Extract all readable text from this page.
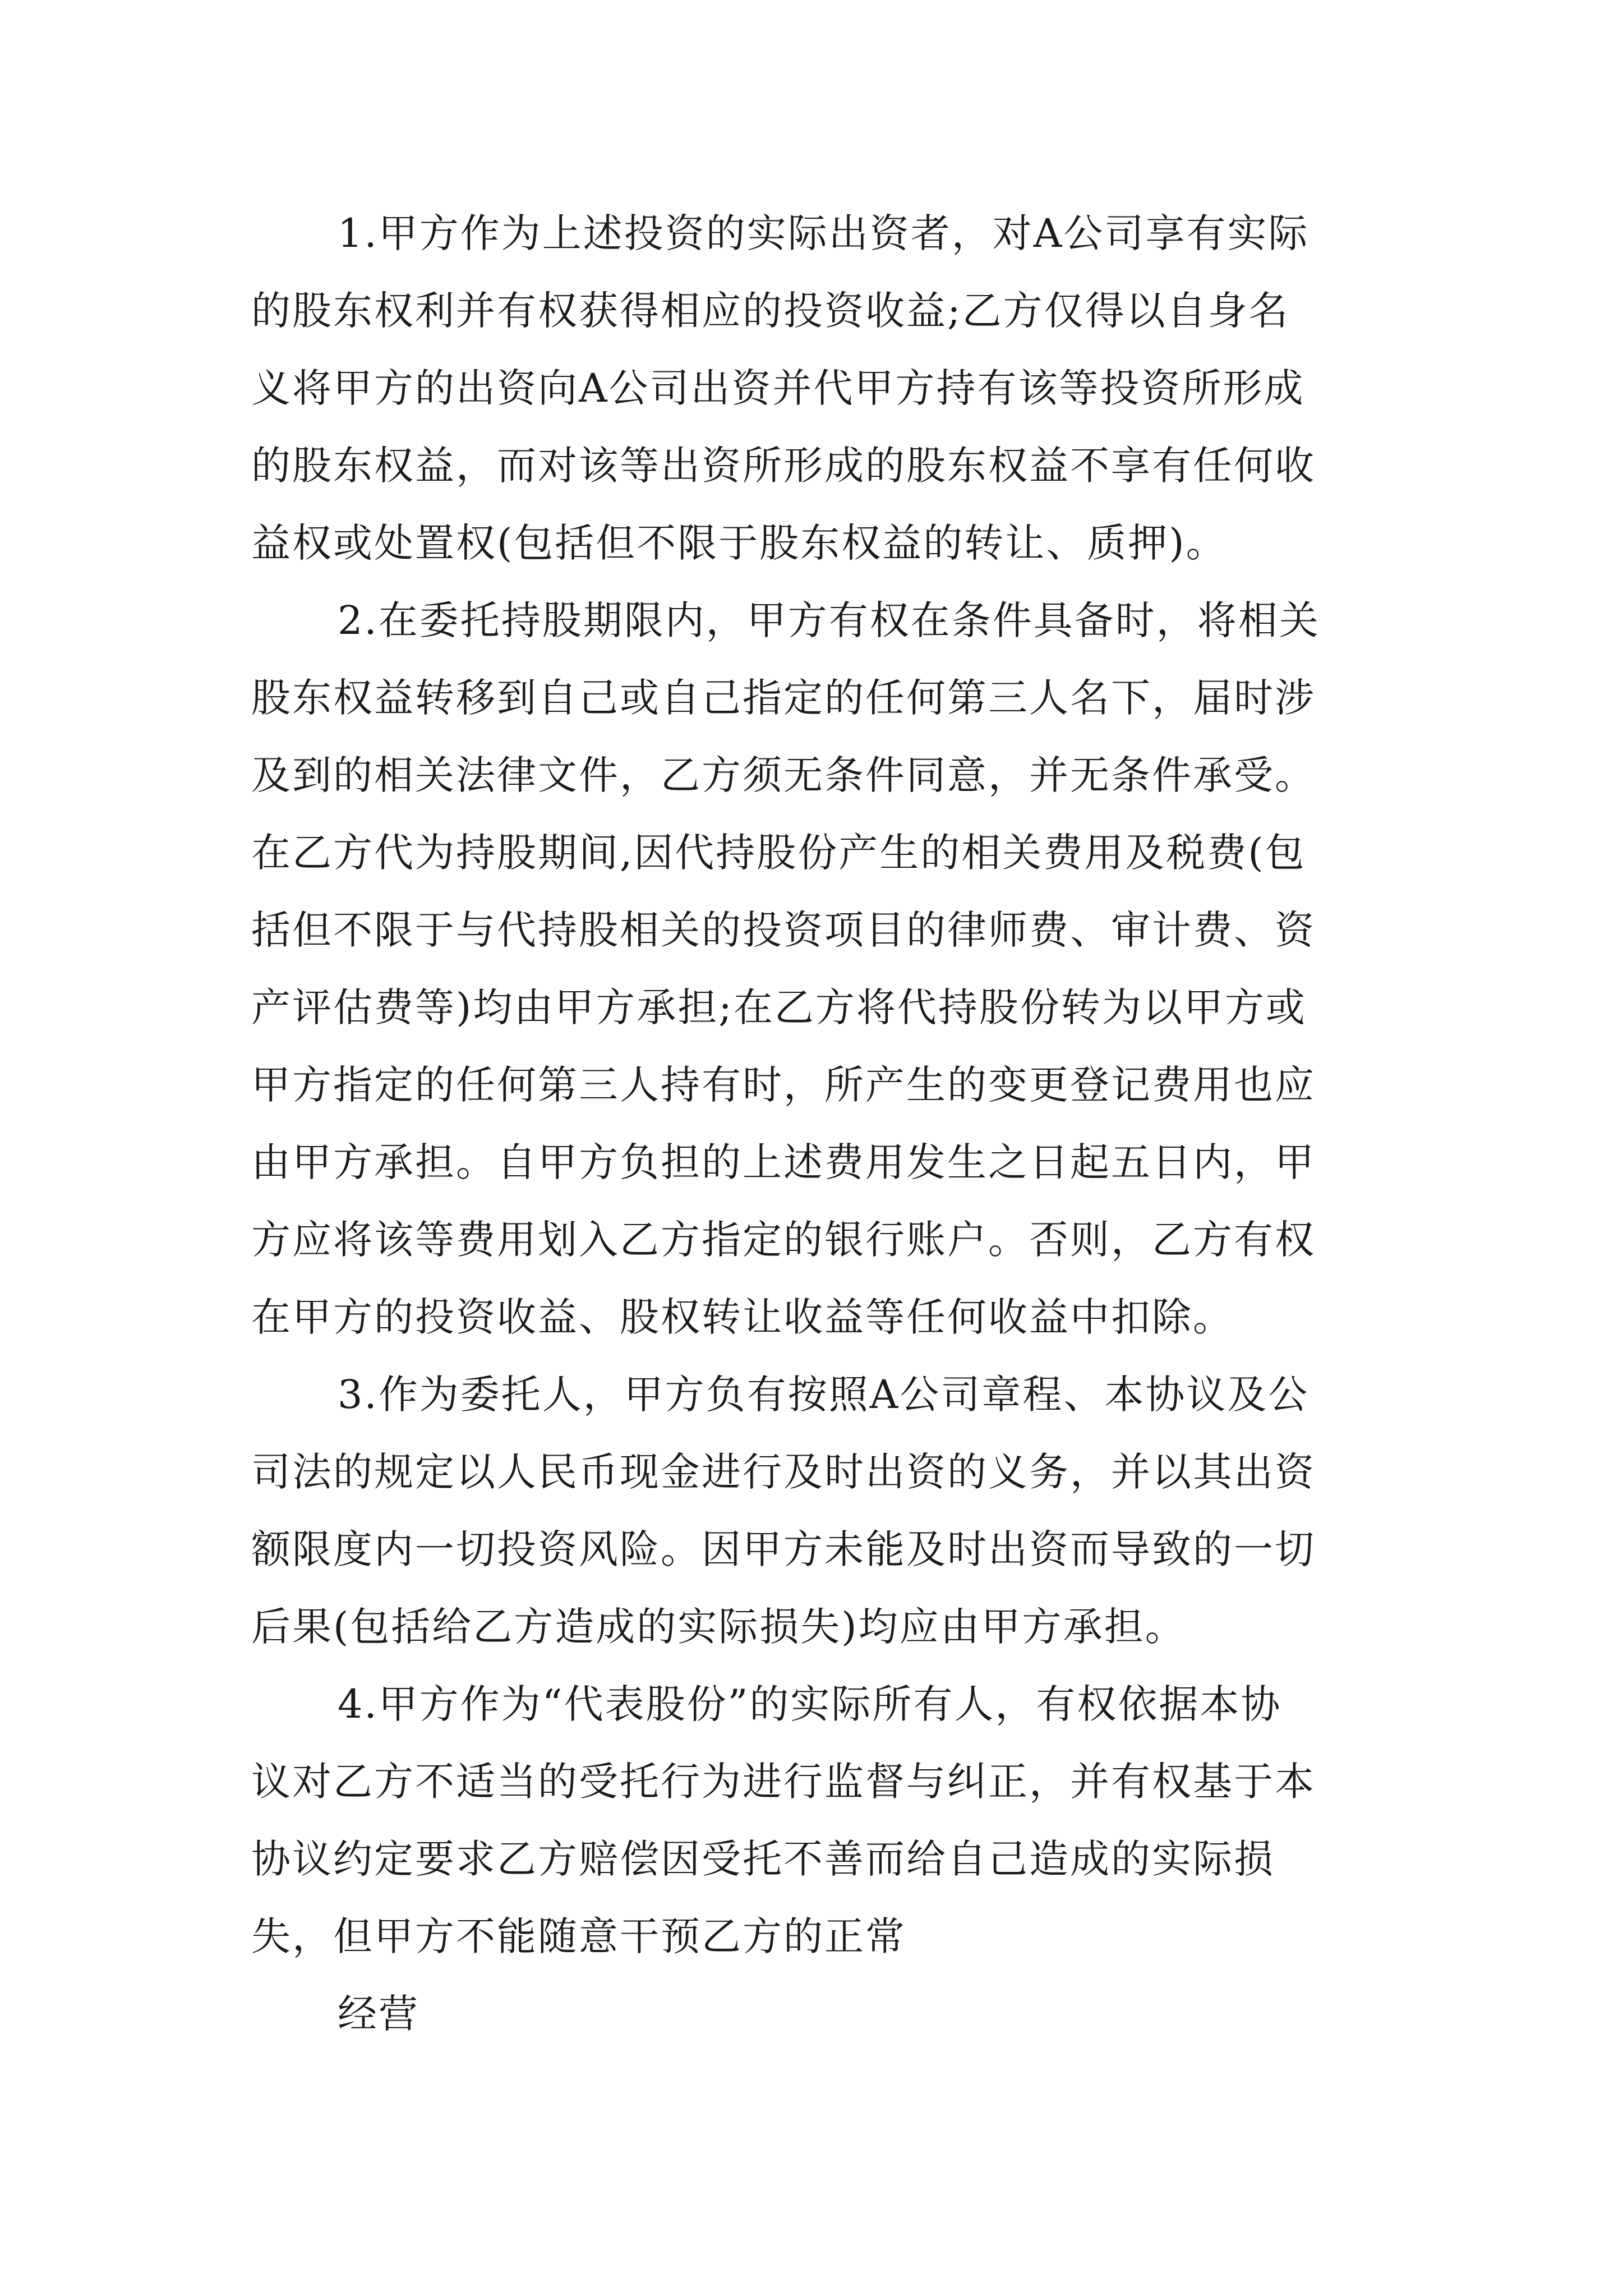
1.甲方作为上述投资的实际出资者，对A公司享有实际

的股东权利并有权获得相应的投资收益;乙方仅得以自身名

义将甲方的出资向A公司出资并代甲方持有该等投资所形成

的股东权益，而对该等出资所形成的股东权益不享有任何收

益权或处置权(包括但不限于股东权益的转让、质押)。

2.在委托持股期限内，甲方有权在条件具备时，将相关

股东权益转移到自己或自己指定的任何第三人名下，届时涉

及到的相关法律文件，乙方须无条件同意，并无条件承受。

在乙方代为持股期间,因代持股份产生的相关费用及税费(包

括但不限于与代持股相关的投资项目的律师费、审计费、资

产评估费等)均由甲方承担;在乙方将代持股份转为以甲方或

甲方指定的任何第三人持有时，所产生的变更登记费用也应

由甲方承担。自甲方负担的上述费用发生之日起五日内，甲

方应将该等费用划入乙方指定的银行账户。否则，乙方有权

在甲方的投资收益、股权转让收益等任何收益中扣除。

3.作为委托人，甲方负有按照A公司章程、本协议及公

司法的规定以人民币现金进行及时出资的义务，并以其出资

额限度内一切投资风险。因甲方未能及时出资而导致的一切

后果(包括给乙方造成的实际损失)均应由甲方承担。

4.甲方作为“代表股份”的实际所有人，有权依据本协

议对乙方不适当的受托行为进行监督与纠正，并有权基于本

协议约定要求乙方赔偿因受托不善而给自己造成的实际损

失，但甲方不能随意干预乙方的正常

经营
